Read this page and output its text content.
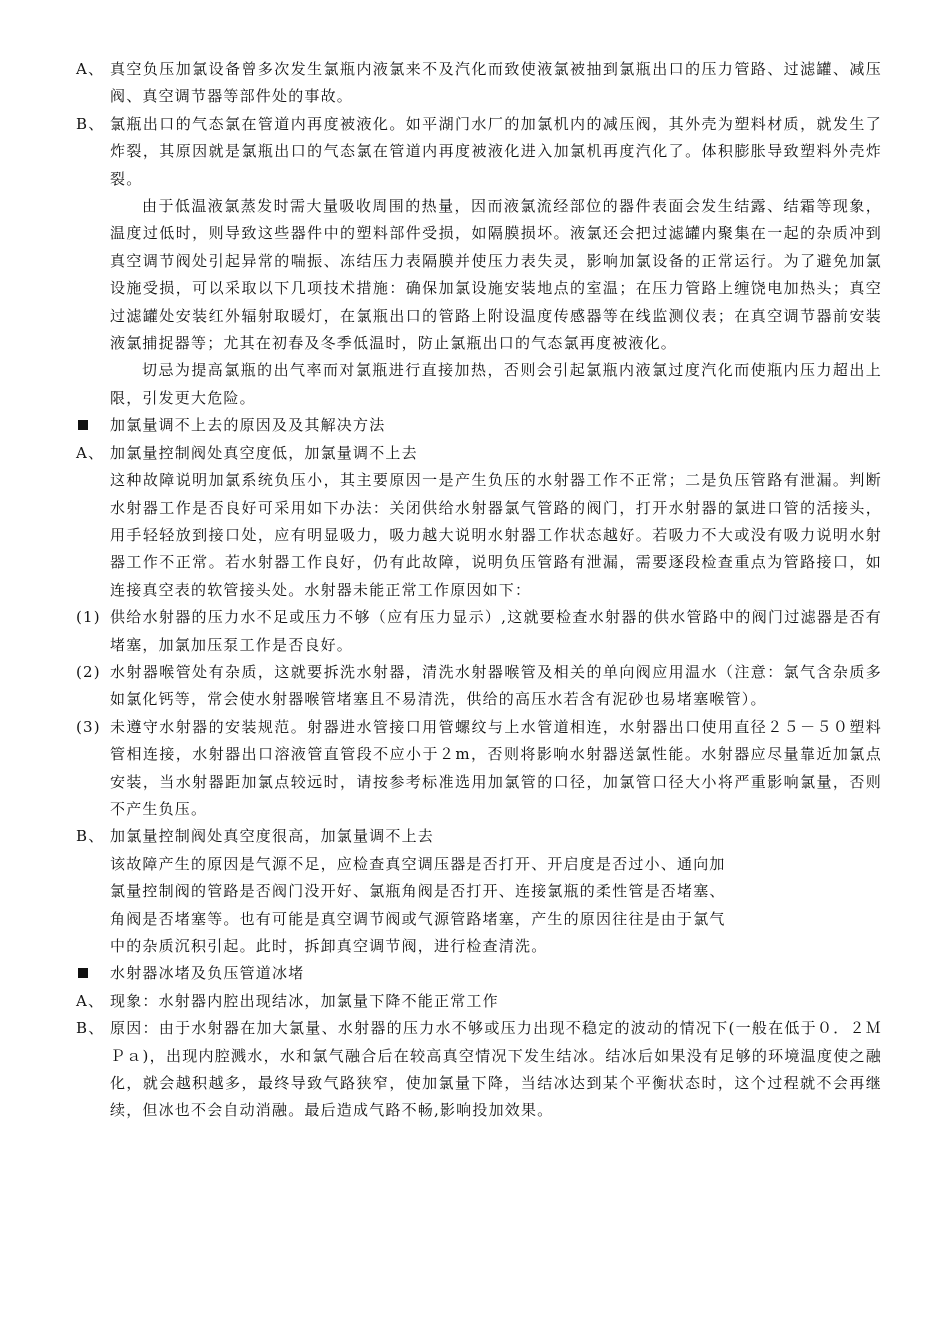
A、 真空负压加氯设备曾多次发生氯瓶内液氯来不及汽化而致使液氯被抽到氯瓶出口的压力管路、过滤罐、减压阀、真空调节器等部件处的事故。
B、 氯瓶出口的气态氯在管道内再度被液化。如平湖门水厂的加氯机内的减压阀，其外壳为塑料材质，就发生了炸裂，其原因就是氯瓶出口的气态氯在管道内再度被液化进入加氯机再度汽化了。体积膨胀导致塑料外壳炸裂。
由于低温液氯蒸发时需大量吸收周围的热量，因而液氯流经部位的器件表面会发生结露、结霜等现象，温度过低时，则导致这些器件中的塑料部件受损，如隔膜损坏。液氯还会把过滤罐内聚集在一起的杂质冲到真空调节阀处引起异常的喘振、冻结压力表隔膜并使压力表失灵，影响加氯设备的正常运行。为了避免加氯设施受损，可以采取以下几项技术措施：确保加氯设施安装地点的室温；在压力管路上缠饶电加热头；真空过滤罐处安装红外辐射取暖灯，在氯瓶出口的管路上附设温度传感器等在线监测仪表；在真空调节器前安装液氯捕捉器等；尤其在初春及冬季低温时，防止氯瓶出口的气态氯再度被液化。
切忌为提高氯瓶的出气率而对氯瓶进行直接加热，否则会引起氯瓶内液氯过度汽化而使瓶内压力超出上限，引发更大危险。
加氯量调不上去的原因及及其解决方法
A、 加氯量控制阀处真空度低，加氯量调不上去
这种故障说明加氯系统负压小，其主要原因一是产生负压的水射器工作不正常；二是负压管路有泄漏。判断水射器工作是否良好可采用如下办法：关闭供给水射器氯气管路的阀门，打开水射器的氯进口管的活接头，用手轻轻放到接口处，应有明显吸力，吸力越大说明水射器工作状态越好。若吸力不大或没有吸力说明水射器工作不正常。若水射器工作良好，仍有此故障，说明负压管路有泄漏，需要逐段检查重点为管路接口，如连接真空表的软管接头处。水射器未能正常工作原因如下：
(1) 供给水射器的压力水不足或压力不够（应有压力显示）,这就要检查水射器的供水管路中的阀门过滤器是否有堵塞，加氯加压泵工作是否良好。
(2) 水射器喉管处有杂质，这就要拆洗水射器，清洗水射器喉管及相关的单向阀应用温水（注意：氯气含杂质多如氯化钙等，常会使水射器喉管堵塞且不易清洗，供给的高压水若含有泥砂也易堵塞喉管）。
(3) 未遵守水射器的安装规范。射器进水管接口用管螺纹与上水管道相连，水射器出口使用直径２５－５０塑料管相连接，水射器出口溶液管直管段不应小于２m，否则将影响水射器送氯性能。水射器应尽量靠近加氯点安装，当水射器距加氯点较远时，请按参考标准选用加氯管的口径，加氯管口径大小将严重影响氯量，否则不产生负压。
B、 加氯量控制阀处真空度很高，加氯量调不上去
该故障产生的原因是气源不足，应检查真空调压器是否打开、开启度是否过小、通向加
氯量控制阀的管路是否阀门没开好、氯瓶角阀是否打开、连接氯瓶的柔性管是否堵塞、
角阀是否堵塞等。也有可能是真空调节阀或气源管路堵塞，产生的原因往往是由于氯气
中的杂质沉积引起。此时，拆卸真空调节阀，进行检查清洗。
水射器冰堵及负压管道冰堵
A、 现象：水射器内腔出现结冰，加氯量下降不能正常工作
B、 原因：由于水射器在加大氯量、水射器的压力水不够或压力出现不稳定的波动的情况下(一般在低于０．２ＭＰａ)，出现内腔溅水，水和氯气融合后在较高真空情况下发生结冰。结冰后如果没有足够的环境温度使之融化，就会越积越多，最终导致气路狭窄，使加氯量下降，当结冰达到某个平衡状态时，这个过程就不会再继续，但冰也不会自动消融。最后造成气路不畅,影响投加效果。
